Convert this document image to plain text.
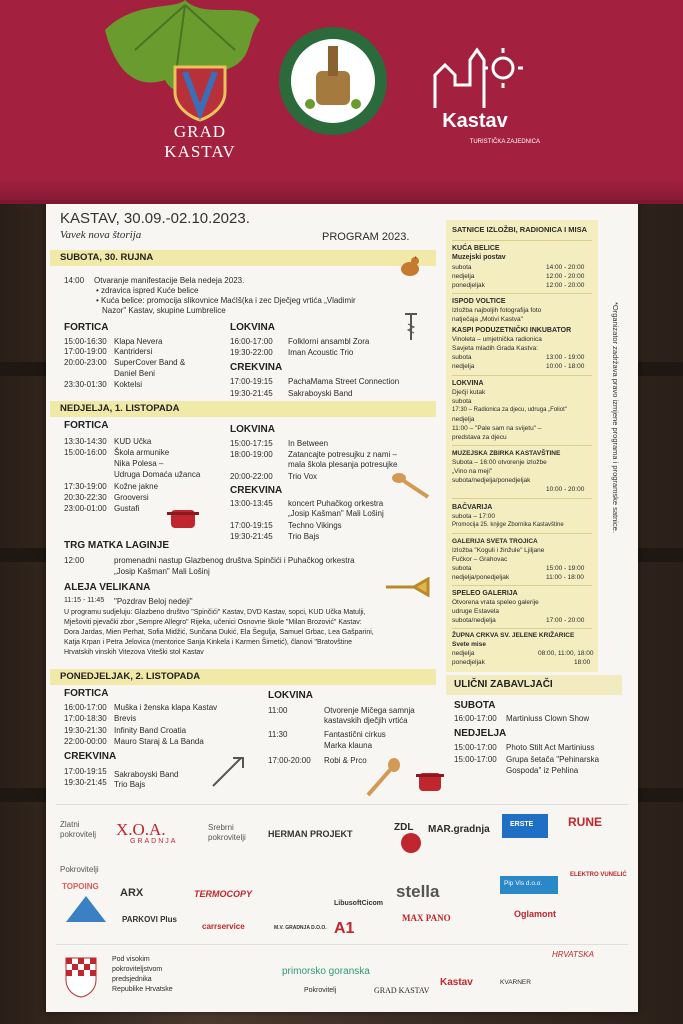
GRAD
KASTAV
Kastav
TURISTIČKA ZAJEDNICA
KASTAV, 30.09.-02.10.2023.
Vavek nova štorija	PROGRAM 2023.
SUBOTA, 30. RUJNA
14:00 Otvaranje manifestacije Bela nedeja 2023.
• zdravica ispred Kuće belice
• Kuća belice: promocija slikovnice Maćǀš(ka i zec Dječjeg vrtića „Vladimir
Nazor" Kastav, skupine Lumbrelice
FORTICA
15:00-16:30 Klapa Nevera
17:00-19:00 Kantridersi
20:00-23:00 SuperCover Band &
Daniel Beni
23:30-01:30 Koktelsi
LOKVINA
16:00-17:00 Folklorni ansambl Zora
19:30-22:00 Iman Acoustic Trio
CREKVINA
17:00-19:15 PachaMama Street Connection
19:30-21:45 Sakraboyski Band
NEDJELJA, 1. LISTOPADA
FORTICA
13:30-14:30 KUD Učka
15:00-16:00 Škola armunike
Nika Polesa –
Udruga Domaća užanca
17:30-19:00 Kožne jakne
20:30-22:30 Grooversi
23:00-01:00 Gustafi
LOKVINA
15:00-17:15 In Between
18:00-19:00 Zatancajte potresujku z nami –
mala škola plesanja potresujke
20:00-22:00 Trio Vox
CREKVINA
13:00-13:45 koncert Puhačkog orkestra
„Josip Kašman" Mali Lošinj
17:00-19:15 Techno Vikings
19:30-21:45 Trio Bajs
TRG MATKA LAGINJE
12:00	promenadni nastup Glazbenog društva Spinčići i Puhačkog orkestra
„Josip Kašman" Mali Lošinj
ALEJA VELIKANA
11:15 - 11:45 "Pozdrav Beloj nedeji"
U programu sudjeluju: Glazbeno društvo "Spinčići" Kastav, DVD Kastav, sopci, KUD Učka Matulji,
Mješoviti pjevački zbor „Sempre Allegro" Rijeka, učenici Osnovne škole "Milan Brozović" Kastav:
Dora Jardas, Mien Perhat, Sofia Midžić, Sunčana Dukić, Ela Šegulja, Samuel Grbac, Lea Gašparini,
Katja Krpan i Petra Jelovica (mentorice Sanja Kinkela i Karmen Šimetić), članovi "Bratovštine
Hrvatskih vinskih Vitezova Viteški stol Kastav
PONEDJELJAK, 2. LISTOPADA
FORTICA
16:00-17:00 Muška i ženska klapa Kastav
17:00-18:30 Brevis
19:30-21:30 Infinity Band Croatia
22:00-00:00 Mauro Staraj & La Banda
CREKVINA
17:00-19:15 Sakraboyski Band
19:30-21:45 Trio Bajs
LOKVINA
11:00	Otvorenje Mičega samnja
kastavskih dječjih vrtića
11:30	Fantastični cirkus
Marka klauna
17:00-20:00 Robi & Prco
SATNICE IZLOŽBI, RADIONICA I MISA
KUĆA BELICE
Muzejski postav
subota	14:00 - 20:00
nedjelja	12:00 - 20:00
ponedjeljak	12:00 - 20:00
ISPOD VOLTICE
Izložba najboljih fotografija foto
natječaja „Motivi Kastva"
KASPI PODUZETNIČKI INKUBATOR
Vinoleta – umjetnička radionica
Savjeta mladih Grada Kastva:
subota	13:00 - 19:00
nedjelja	10:00 - 18:00
LOKVINA
Dječji kutak
subota
17:30 – Radionica za djecu, udruga „Foliot"
nedjelja
11:00 – "Pale sam na svijetu" –
predstava za djecu
MUZEJSKA ZBIRKA KASTAVŠTINE
Subota – 16:00 otvorenje izložbe
„Vino na meji"
subota/nedjelja/ponedjeljak
10:00 - 20:00
BAČVARIJA
subota – 17:00
Promocija 25. knjige Zbornika Kastavštine
GALERIJA SVETA TROJICA
Izložba "Koguli i žinžule" Ljiljane
Fučkor – Grahovac
subota	15:00 - 19:00
nedjelja/ponedjeljak	11:00 - 18:00
SPELEO GALERIJA
Otvorena vrata speleo galerije
udruge Estavela
subota/nedjelja	17:00 - 20:00
ŽUPNA CRKVA SV. JELENE KRIŽARICE
Svete mise
nedjelja	08:00, 11:00, 18:00
ponedjeljak	18:00
*Organizator zadržava pravo izmjene programa i programske satnice.
ULIČNI ZABAVLJAČI
SUBOTA
16:00-17:00 Martiniuss Clown Show
NEDJELJA
15:00-17:00 Photo Stilt Act Martiniuss
15:00-17:00 Grupa šetača "Pehinarska
Gospoda" iz Pehlina
Zlatni
pokrovitelj X.O.A.
GRADNJA
Srebrni
pokrovitelji HERMAN PROJEKT
ZDL MAR.gradnja	ERSTE	RUNE
Pokrovitelji
TOPOING
ARX	TERMOCOPY
LibusoftCicom
stella	Pip Vis d.o.o.
ELEKTRO VUNELIĆ
PARKOVI Plus
carrservice	M.V. GRADNJA D.O.O. A1
MAX PANO	Oglamont
Pod visokim
pokroviteljstvom
predsjednika
Republike Hrvatske
primorsko goranska
Pokrovitelj	GRAD KASTAV
Kastav	KVARNER
HRVATSKA
